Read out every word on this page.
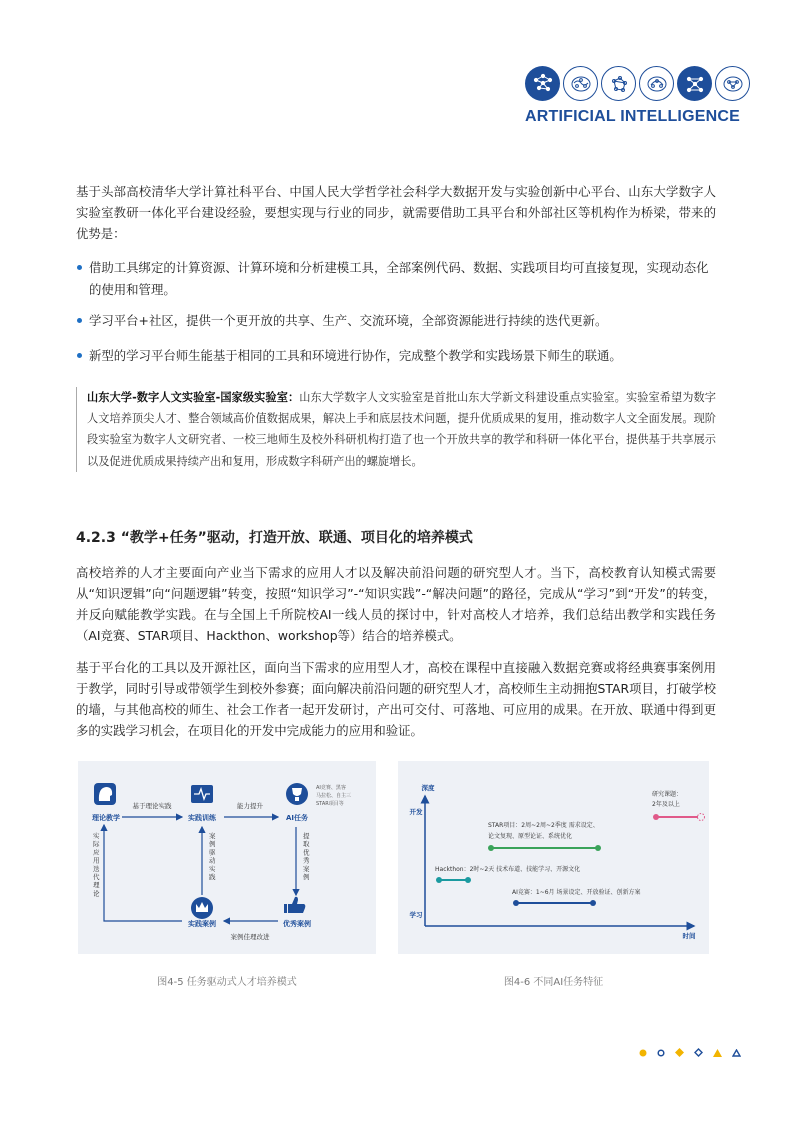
ARTIFICIAL INTELLIGENCE
基于头部高校清华大学计算社科平台、中国人民大学哲学社会科学大数据开发与实验创新中心平台、山东大学数字人实验室教研一体化平台建设经验，要想实现与行业的同步，就需要借助工具平台和外部社区等机构作为桥梁，带来的优势是：
借助工具绑定的计算资源、计算环境和分析建模工具，全部案例代码、数据、实践项目均可直接复现，实现动态化的使用和管理。
学习平台+社区，提供一个更开放的共享、生产、交流环境，全部资源能进行持续的迭代更新。
新型的学习平台师生能基于相同的工具和环境进行协作，完成整个教学和实践场景下师生的联通。
山东大学-数字人文实验室-国家级实验室：山东大学数字人文实验室是首批山东大学新文科建设重点实验室。实验室希望为数字人文培养顶尖人才、整合领域高价值数据成果，解决上手和底层技术问题，提升优质成果的复用，推动数字人文全面发展。现阶段实验室为数字人文研究者、一校三地师生及校外科研机构打造了也一个开放共享的教学和科研一体化平台，提供基于共享展示以及促进优质成果持续产出和复用，形成数字科研产出的螺旋增长。
4.2.3 “教学+任务”驱动，打造开放、联通、项目化的培养模式
高校培养的人才主要面向产业当下需求的应用人才以及解决前沿问题的研究型人才。当下，高校教育认知模式需要从“知识逻辑”向“问题逻辑”转变，按照“知识学习”-“知识实践”-“解决问题”的路径，完成从“学习”到“开发”的转变，并反向赋能教学实践。在与全国上千所院校AI一线人员的探讨中，针对高校人才培养，我们总结出教学和实践任务（AI竞赛、STAR项目、Hackthon、workshop等）结合的培养模式。
基于平台化的工具以及开源社区，面向当下需求的应用型人才，高校在课程中直接融入数据竞赛或将经典赛事案例用于教学，同时引导或带领学生到校外参赛；面向解决前沿问题的研究型人才，高校师生主动拥抱STAR项目，打破学校的墙，与其他高校的师生、社会工作者一起开发研讨，产出可交付、可落地、可应用的成果。在开放、联通中得到更多的实践学习机会，在项目化的开发中完成能力的应用和验证。
理论教学	实践训练	AI任务
实践案例	优秀案例
基于理论实践	能力提升
AI竞赛、黑客
马拉松、自主三
STAR项目等
案例佳理改进
实际应用迭代理论
案例驱动实践
提取优秀案例
图4-5 任务驱动式人才培养模式
深度
开发
学习
时间
研究课题：
2年及以上
STAR项目：2周~2周~2季度 需求设定、
论文复现、原型论证、系统优化
Hackthon：2时~2天 技术布道、技能学习、开源文化
AI竞赛：1~6月 场景设定、开放验证、创新方案
图4-6 不同AI任务特征
